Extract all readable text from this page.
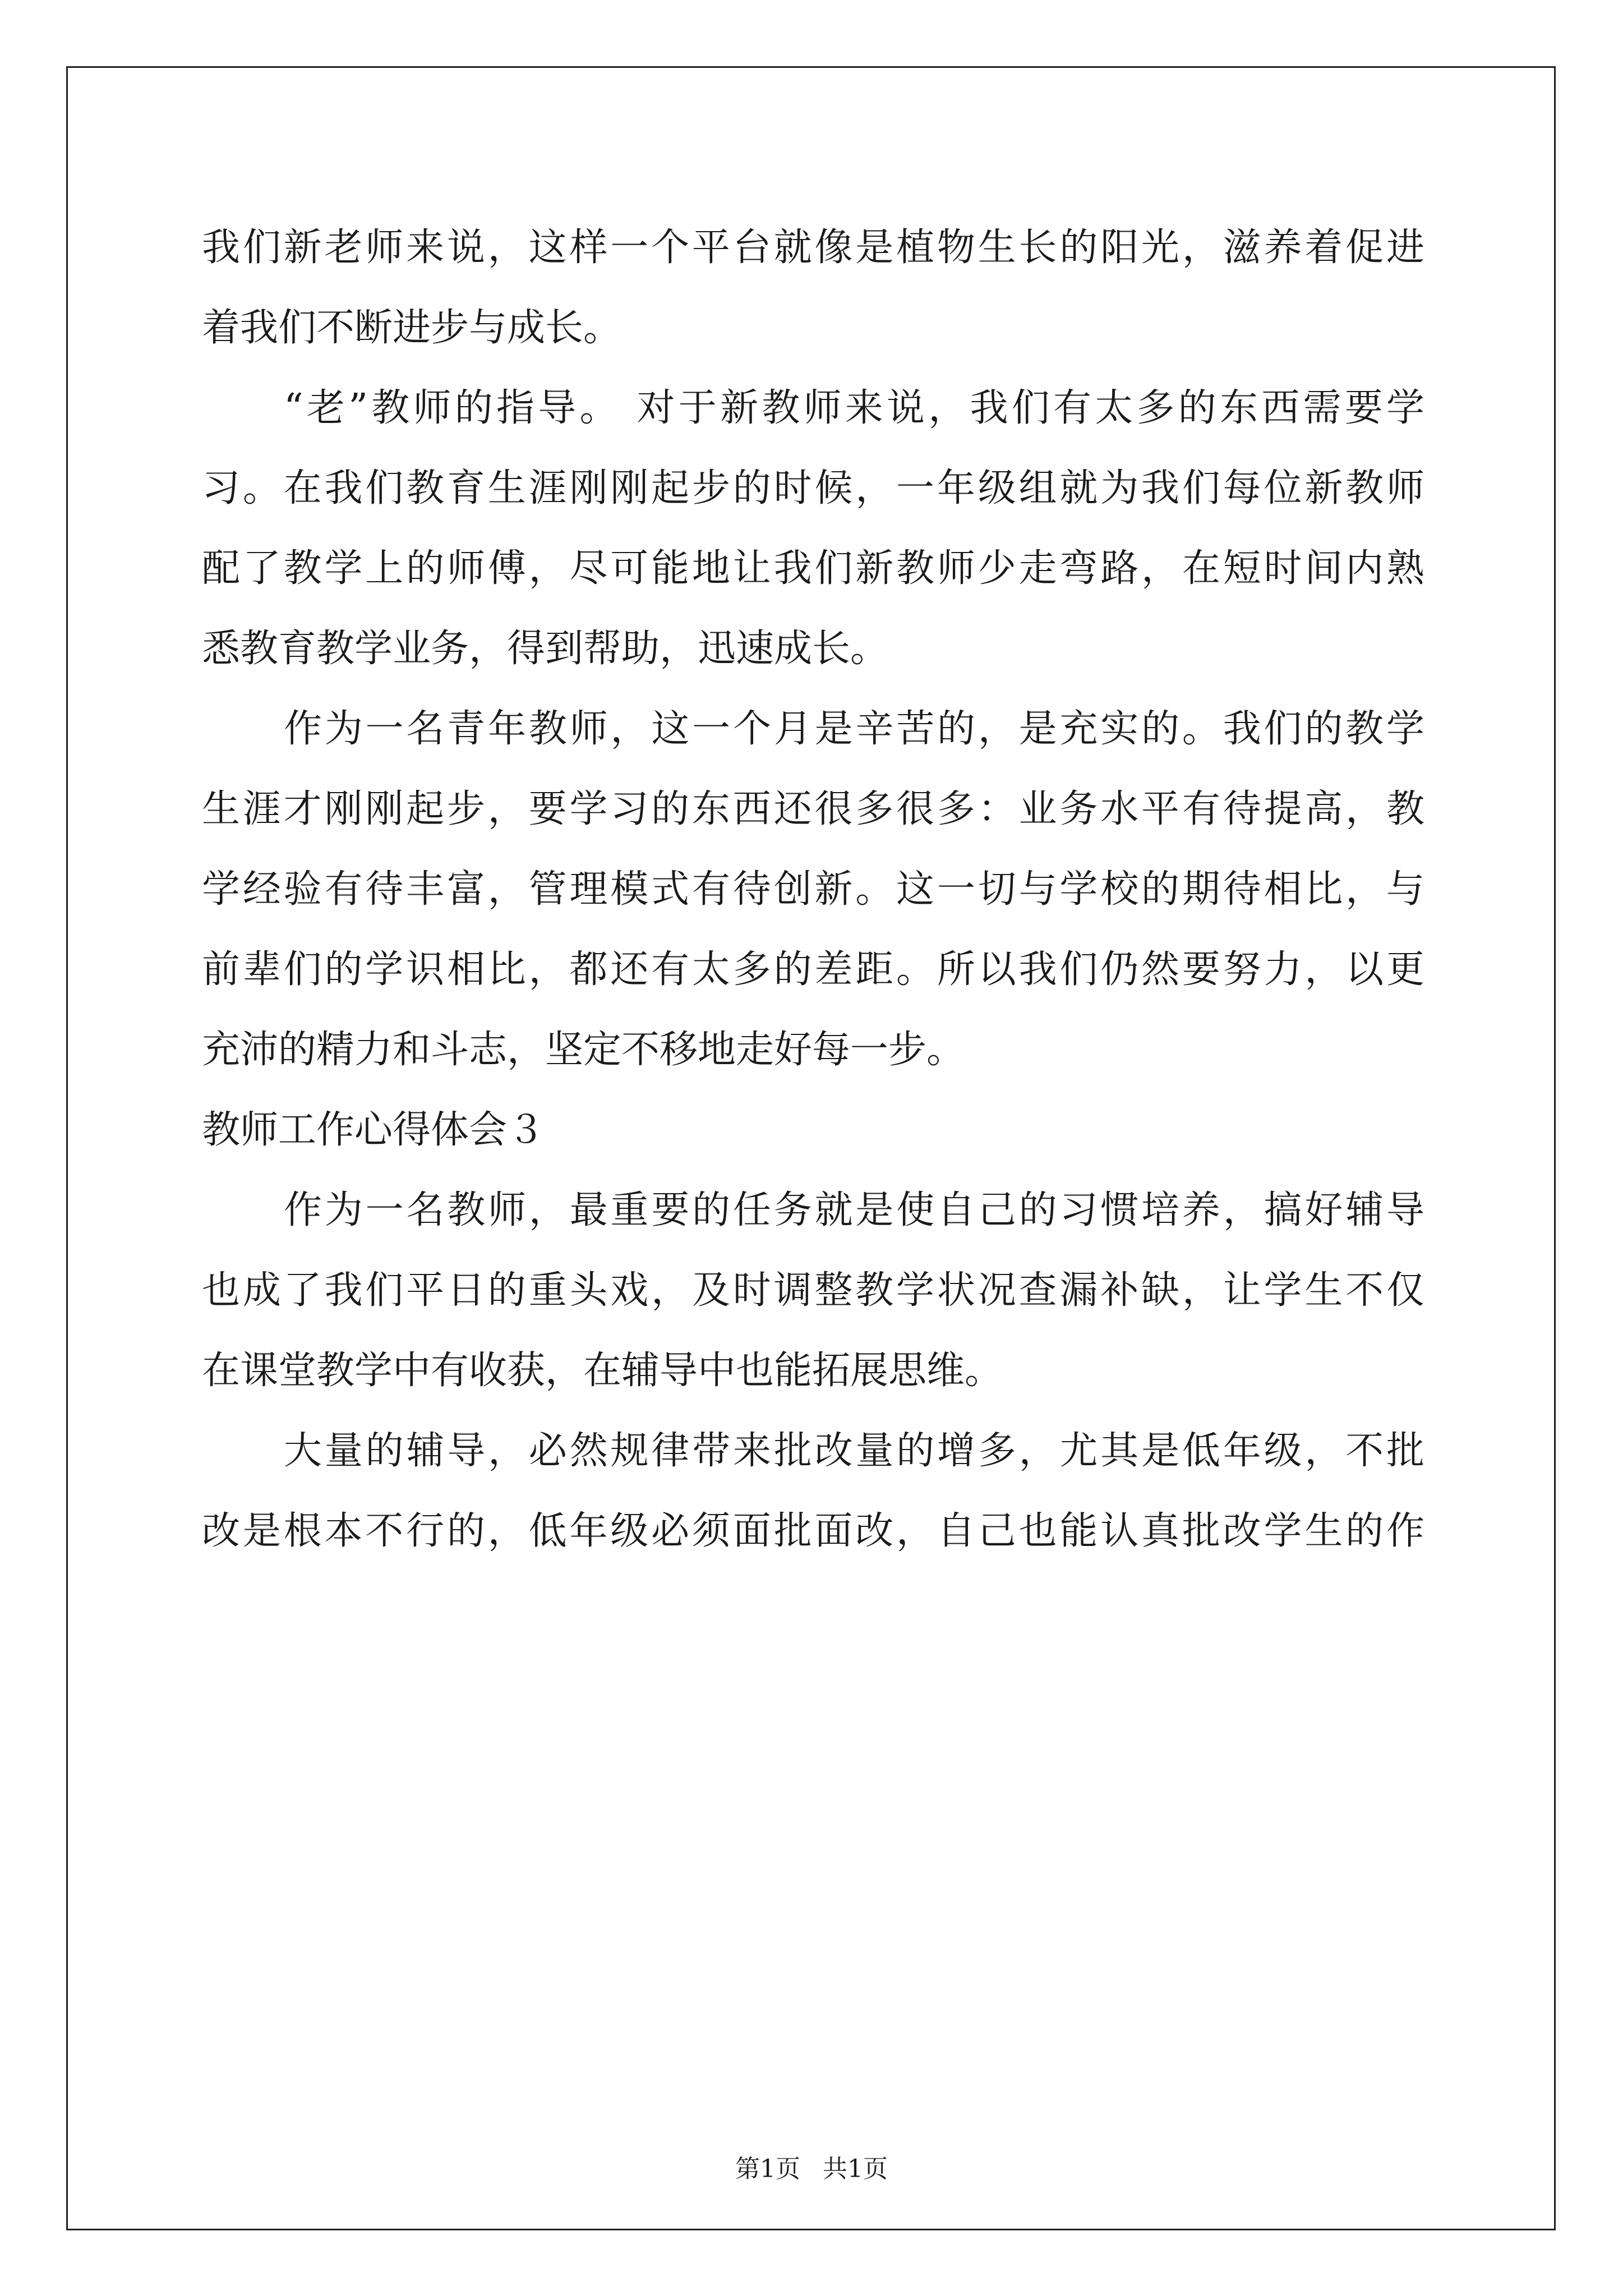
我们新老师来说，这样一个平台就像是植物生长的阳光，滋养着促进
着我们不断进步与成长。
“老”教师的指导。 对于新教师来说，我们有太多的东西需要学
习。在我们教育生涯刚刚起步的时候，一年级组就为我们每位新教师
配了教学上的师傅，尽可能地让我们新教师少走弯路，在短时间内熟
悉教育教学业务，得到帮助，迅速成长。
作为一名青年教师，这一个月是辛苦的，是充实的。我们的教学
生涯才刚刚起步，要学习的东西还很多很多：业务水平有待提高，教
学经验有待丰富，管理模式有待创新。这一切与学校的期待相比，与
前辈们的学识相比，都还有太多的差距。所以我们仍然要努力，以更
充沛的精力和斗志，坚定不移地走好每一步。
教师工作心得体会３
作为一名教师，最重要的任务就是使自己的习惯培养，搞好辅导
也成了我们平日的重头戏，及时调整教学状况查漏补缺，让学生不仅
在课堂教学中有收获，在辅导中也能拓展思维。
大量的辅导，必然规律带来批改量的增多，尤其是低年级，不批
改是根本不行的，低年级必须面批面改，自己也能认真批改学生的作
第1页 共1页
